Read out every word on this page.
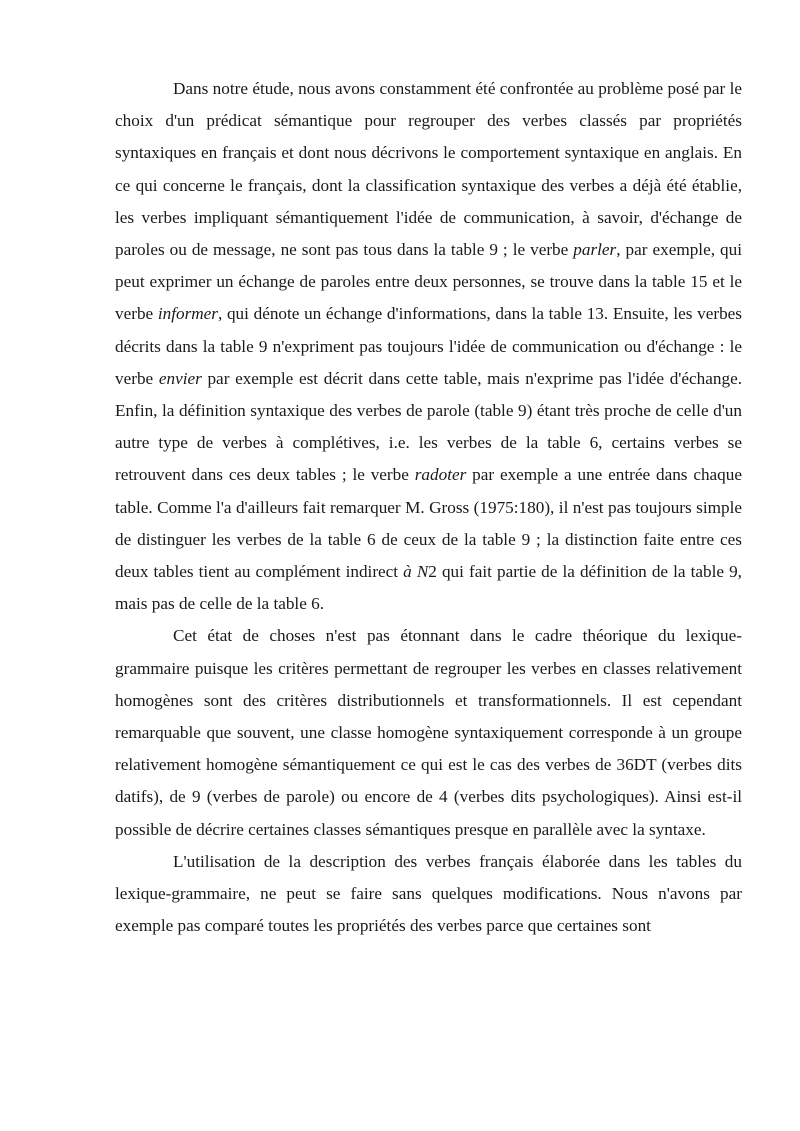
Dans notre étude, nous avons constamment été confrontée au problème posé par le choix d'un prédicat sémantique pour regrouper des verbes classés par propriétés syntaxiques en français et dont nous décrivons le comportement syntaxique en anglais. En ce qui concerne le français, dont la classification syntaxique des verbes a déjà été établie, les verbes impliquant sémantiquement l'idée de communication, à savoir, d'échange de paroles ou de message, ne sont pas tous dans la table 9 ; le verbe parler, par exemple, qui peut exprimer un échange de paroles entre deux personnes, se trouve dans la table 15 et le verbe informer, qui dénote un échange d'informations, dans la table 13. Ensuite, les verbes décrits dans la table 9 n'expriment pas toujours l'idée de communication ou d'échange : le verbe envier par exemple est décrit dans cette table, mais n'exprime pas l'idée d'échange. Enfin, la définition syntaxique des verbes de parole (table 9) étant très proche de celle d'un autre type de verbes à complétives, i.e. les verbes de la table 6, certains verbes se retrouvent dans ces deux tables ; le verbe radoter par exemple a une entrée dans chaque table. Comme l'a d'ailleurs fait remarquer M. Gross (1975:180), il n'est pas toujours simple de distinguer les verbes de la table 6 de ceux de la table 9 ; la distinction faite entre ces deux tables tient au complément indirect à N2 qui fait partie de la définition de la table 9, mais pas de celle de la table 6.

Cet état de choses n'est pas étonnant dans le cadre théorique du lexique-grammaire puisque les critères permettant de regrouper les verbes en classes relativement homogènes sont des critères distributionnels et transformationnels. Il est cependant remarquable que souvent, une classe homogène syntaxiquement corresponde à un groupe relativement homogène sémantiquement ce qui est le cas des verbes de 36DT (verbes dits datifs), de 9 (verbes de parole) ou encore de 4 (verbes dits psychologiques). Ainsi est-il possible de décrire certaines classes sémantiques presque en parallèle avec la syntaxe.

L'utilisation de la description des verbes français élaborée dans les tables du lexique-grammaire, ne peut se faire sans quelques modifications. Nous n'avons par exemple pas comparé toutes les propriétés des verbes parce que certaines sont
